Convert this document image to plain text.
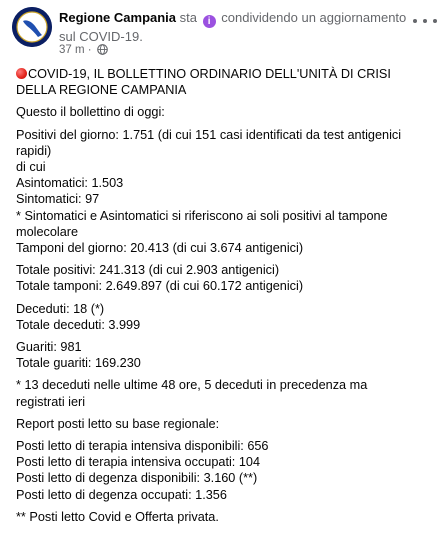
Regione Campania sta i condividendo un aggiornamento sul COVID-19.
37 m ·

COVID-19, IL BOLLETTINO ORDINARIO DELL'UNITÀ DI CRISI

DELLA REGIONE CAMPANIA

Questo il bollettino di oggi:

Positivi del giorno: 1.751 (di cui 151 casi identificati da test antigenici

rapidi)

di cui

Asintomatici: 1.503

Sintomatici: 97

* Sintomatici e Asintomatici si riferiscono ai soli positivi al tampone

molecolare

Tamponi del giorno: 20.413 (di cui 3.674 antigenici)

Totale positivi: 241.313 (di cui 2.903 antigenici)

Totale tamponi: 2.649.897 (di cui 60.172 antigenici)

Deceduti: 18 (*)

Totale deceduti: 3.999

Guariti: 981

Totale guariti: 169.230

* 13 deceduti nelle ultime 48 ore, 5 deceduti in precedenza ma

registrati ieri

Report posti letto su base regionale:

Posti letto di terapia intensiva disponibili: 656

Posti letto di terapia intensiva occupati: 104

Posti letto di degenza disponibili: 3.160 (**)

Posti letto di degenza occupati: 1.356

** Posti letto Covid e Offerta privata.
